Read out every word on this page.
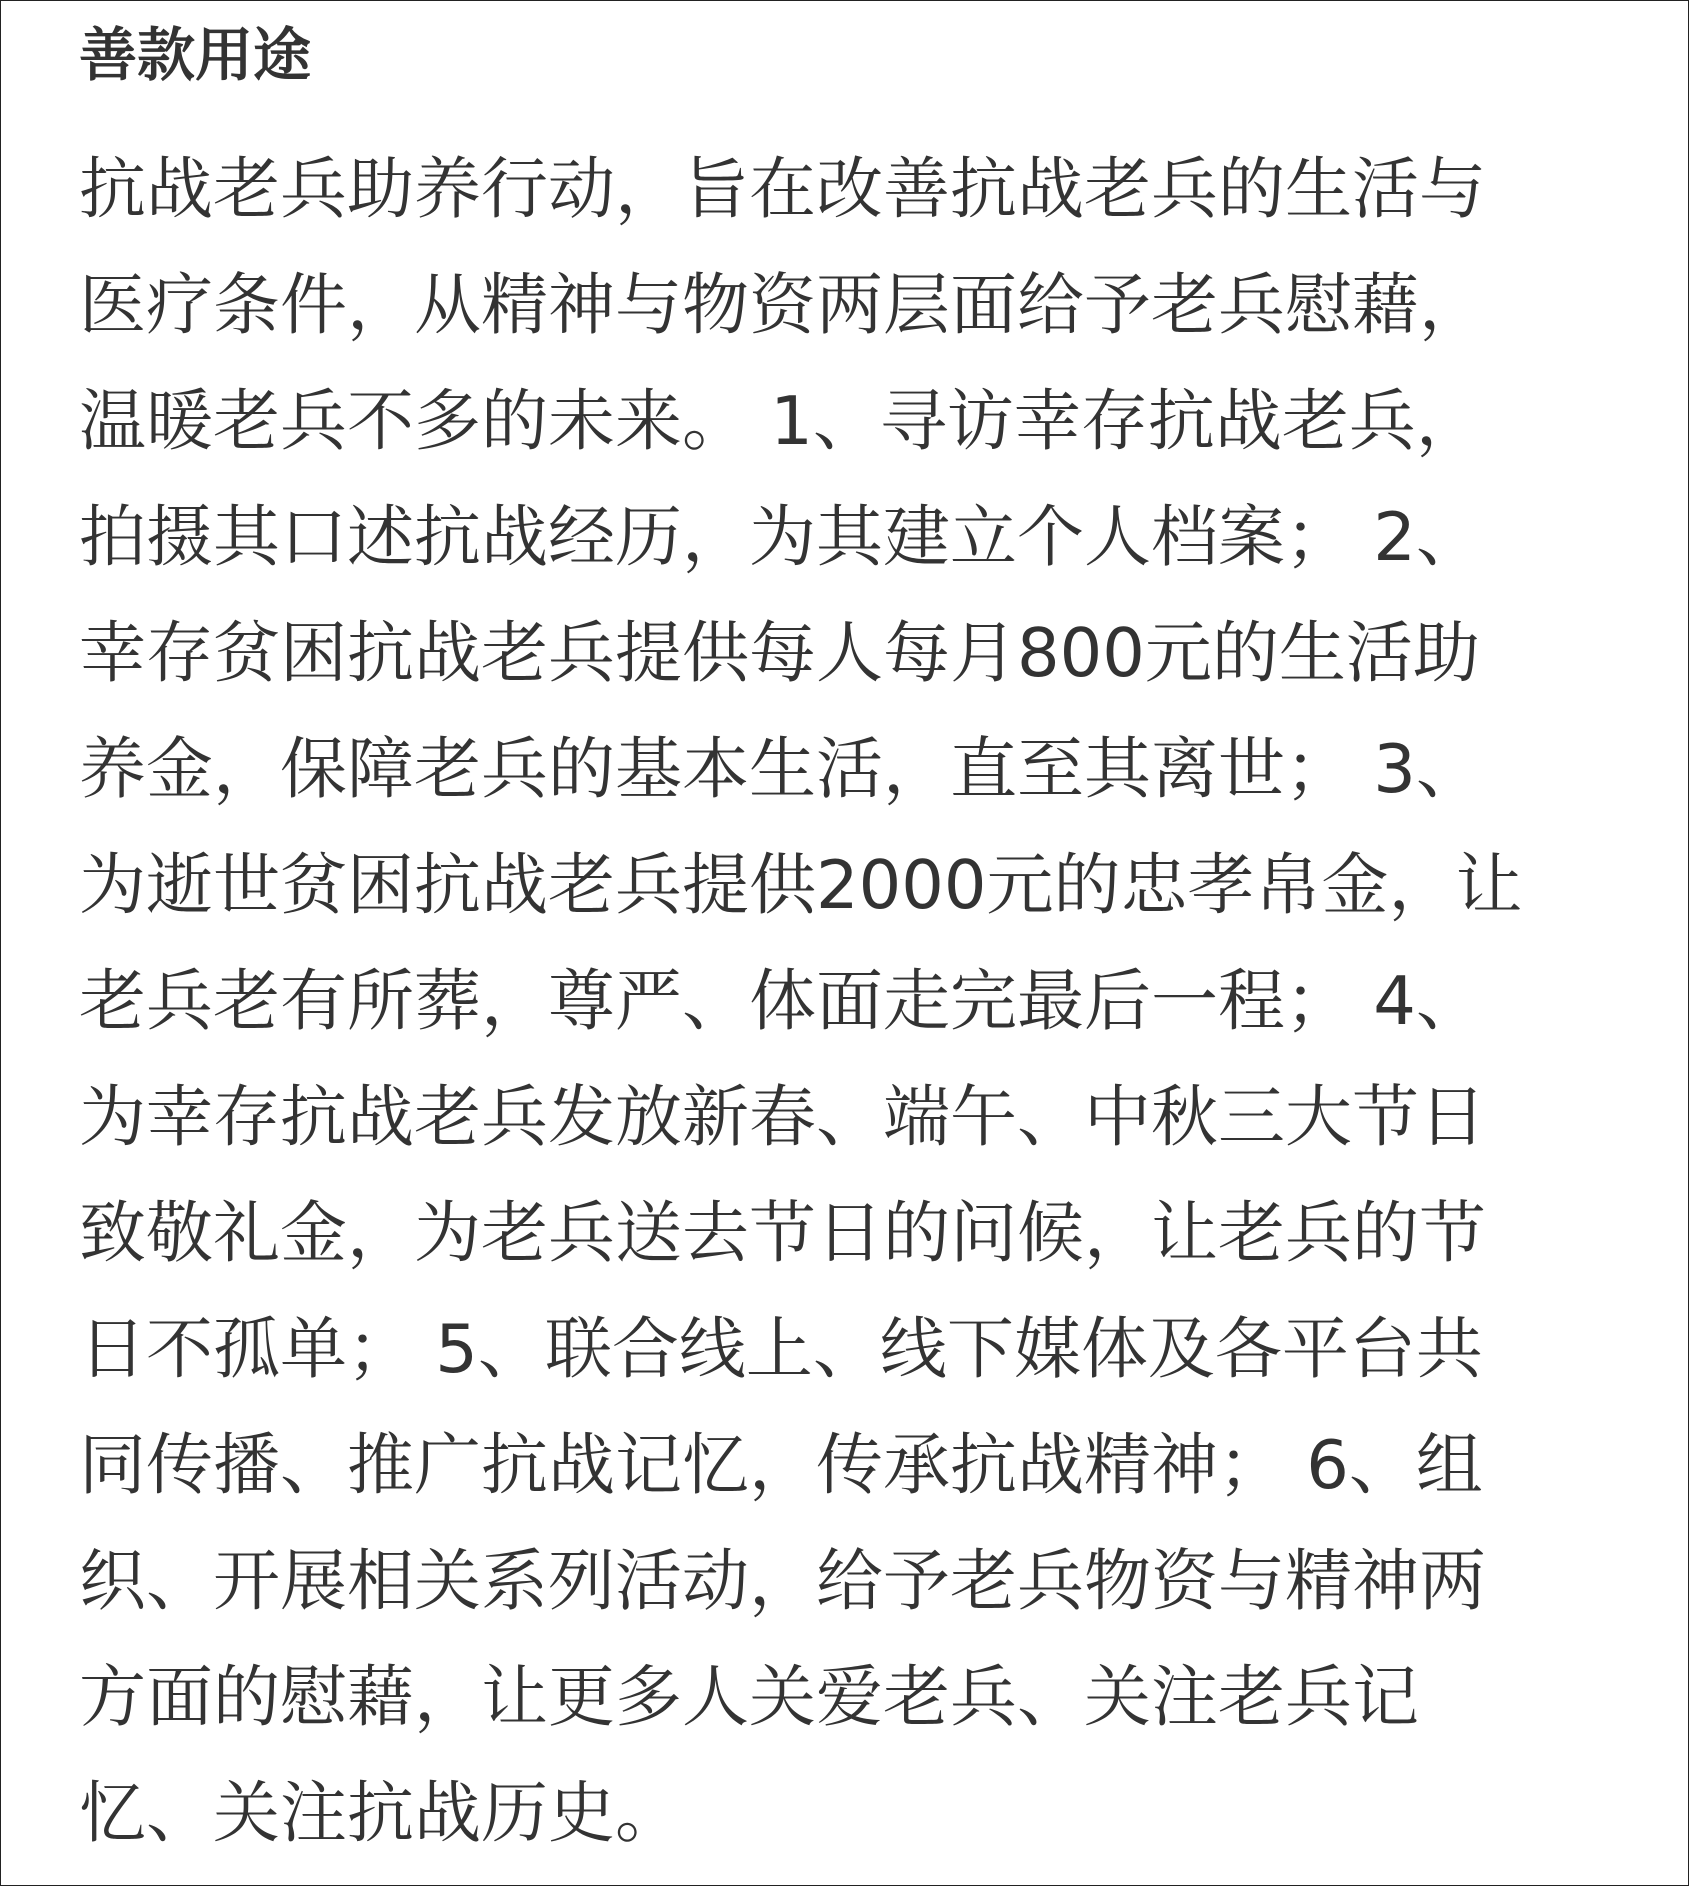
善款用途
抗战老兵助养行动，旨在改善抗战老兵的生活与
医疗条件，从精神与物资两层面给予老兵慰藉，
温暖老兵不多的未来。 1、寻访幸存抗战老兵，
拍摄其口述抗战经历，为其建立个人档案； 2、
幸存贫困抗战老兵提供每人每月800元的生活助
养金，保障老兵的基本生活，直至其离世； 3、
为逝世贫困抗战老兵提供2000元的忠孝帛金，让
老兵老有所葬，尊严、体面走完最后一程； 4、
为幸存抗战老兵发放新春、端午、中秋三大节日
致敬礼金，为老兵送去节日的问候，让老兵的节
日不孤单； 5、联合线上、线下媒体及各平台共
同传播、推广抗战记忆，传承抗战精神； 6、组
织、开展相关系列活动，给予老兵物资与精神两
方面的慰藉，让更多人关爱老兵、关注老兵记
忆、关注抗战历史。
